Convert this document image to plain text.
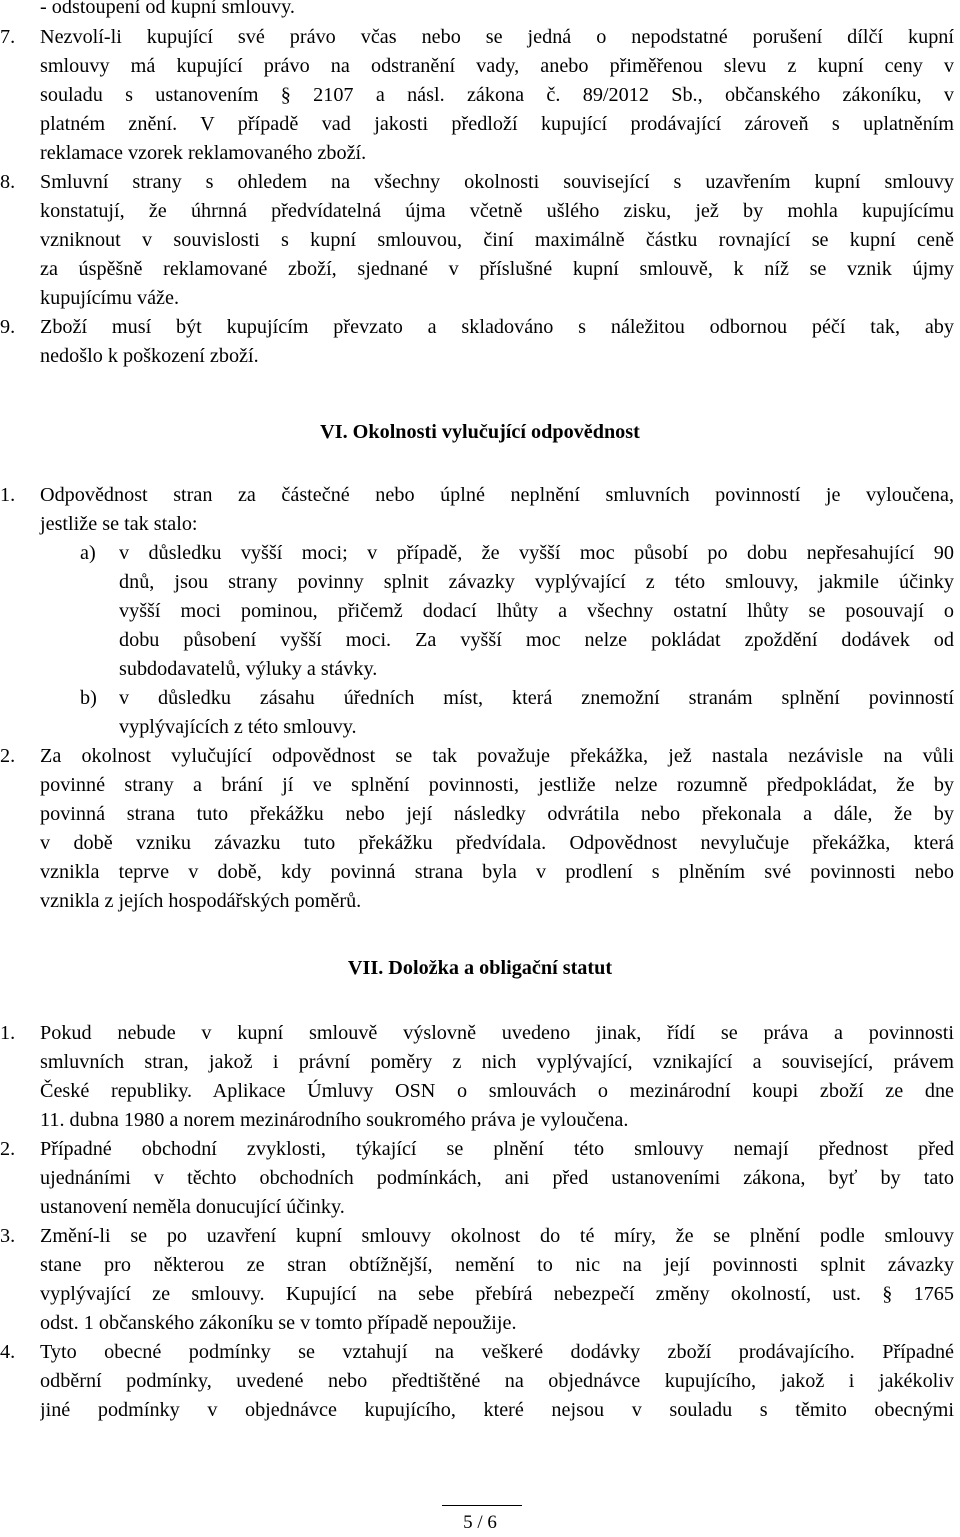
- odstoupení od kupní smlouvy.
7. Nezvolí-li kupující své právo včas nebo se jedná o nepodstatné porušení dílčí kupní
smlouvy má kupující právo na odstranění vady, anebo přiměřenou slevu z kupní ceny v
souladu s ustanovením § 2107 a násl. zákona č. 89/2012 Sb., občanského zákoníku, v
platném znění. V případě vad jakosti předloží kupující prodávající zároveň s uplatněním
reklamace vzorek reklamovaného zboží.
8. Smluvní strany s ohledem na všechny okolnosti související s uzavřením kupní smlouvy
konstatují, že úhrnná předvídatelná újma včetně ušlého zisku, jež by mohla kupujícímu
vzniknout v souvislosti s kupní smlouvou, činí maximálně částku rovnající se kupní ceně
za úspěšně reklamované zboží, sjednané v příslušné kupní smlouvě, k níž se vznik újmy
kupujícímu váže.
9. Zboží musí být kupujícím převzato a skladováno s náležitou odbornou péčí tak, aby
nedošlo k poškození zboží.
VI. Okolnosti vylučující odpovědnost
1. Odpovědnost stran za částečné nebo úplné neplnění smluvních povinností je vyloučena,
jestliže se tak stalo:
a) v důsledku vyšší moci; v případě, že vyšší moc působí po dobu nepřesahující 90
dnů, jsou strany povinny splnit závazky vyplývající z této smlouvy, jakmile účinky
vyšší moci pominou, přičemž dodací lhůty a všechny ostatní lhůty se posouvají o
dobu působení vyšší moci. Za vyšší moc nelze pokládat zpoždění dodávek od
subdodavatelů, výluky a stávky.
b) v důsledku zásahu úředních míst, která znemožní stranám splnění povinností
vyplývajících z této smlouvy.
2. Za okolnost vylučující odpovědnost se tak považuje překážka, jež nastala nezávisle na vůli
povinné strany a brání jí ve splnění povinnosti, jestliže nelze rozumně předpokládat, že by
povinná strana tuto překážku nebo její následky odvrátila nebo překonala a dále, že by
v době vzniku závazku tuto překážku předvídala. Odpovědnost nevylučuje překážka, která
vznikla teprve v době, kdy povinná strana byla v prodlení s plněním své povinnosti nebo
vznikla z jejích hospodářských poměrů.
VII. Doložka a obligační statut
1. Pokud nebude v kupní smlouvě výslovně uvedeno jinak, řídí se práva a povinnosti
smluvních stran, jakož i právní poměry z nich vyplývající, vznikající a související, právem
České republiky. Aplikace Úmluvy OSN o smlouvách o mezinárodní koupi zboží ze dne
11. dubna 1980 a norem mezinárodního soukromého práva je vyloučena.
2. Případné obchodní zvyklosti, týkající se plnění této smlouvy nemají přednost před
ujednáními v těchto obchodních podmínkách, ani před ustanoveními zákona, byť by tato
ustanovení neměla donucující účinky.
3. Změní-li se po uzavření kupní smlouvy okolnost do té míry, že se plnění podle smlouvy
stane pro některou ze stran obtížnější, nemění to nic na její povinnosti splnit závazky
vyplývající ze smlouvy. Kupující na sebe přebírá nebezpečí změny okolností, ust. § 1765
odst. 1 občanského zákoníku se v tomto případě nepoužije.
4. Tyto obecné podmínky se vztahují na veškeré dodávky zboží prodávajícího. Případné
odběrní podmínky, uvedené nebo předtištěné na objednávce kupujícího, jakož i jakékoliv
jiné podmínky v objednávce kupujícího, které nejsou v souladu s těmito obecnými
5 / 6
